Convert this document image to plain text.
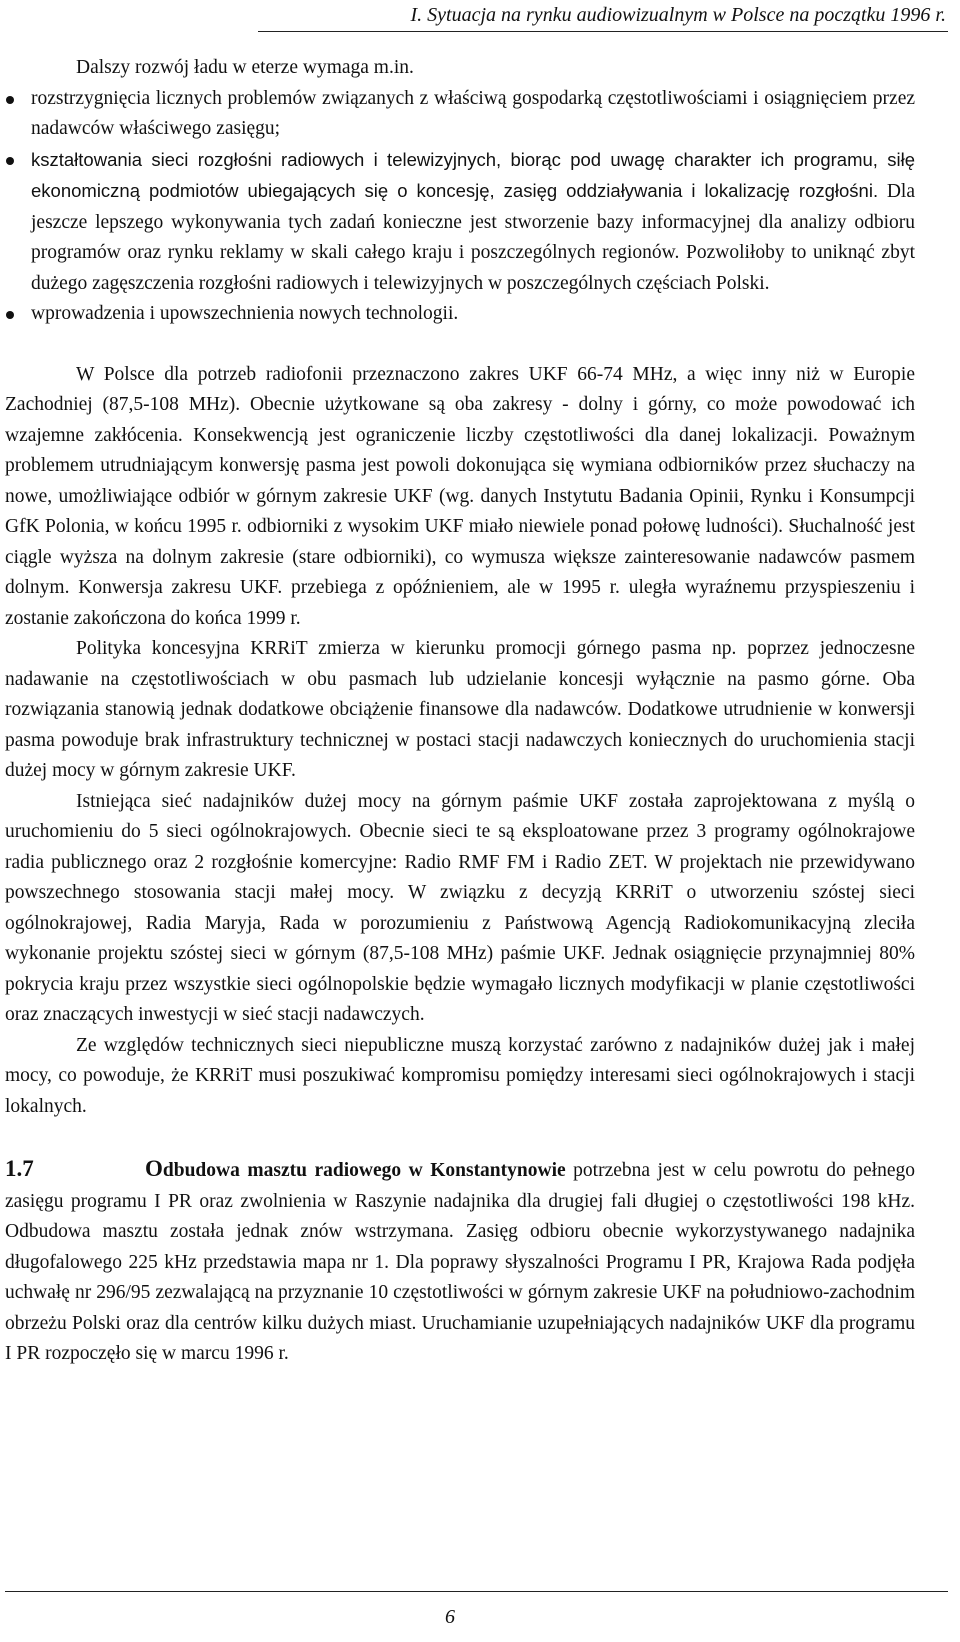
I. Sytuacja na rynku audiowizualnym w Polsce na początku 1996 r.

Dalszy rozwój ładu w eterze wymaga m.in.

rozstrzygnięcia licznych problemów związanych z właściwą gospodarką częstotliwościami i osiągnięciem przez nadawców właściwego zasięgu;
kształtowania sieci rozgłośni radiowych i telewizyjnych, biorąc pod uwagę charakter ich programu, siłę ekonomiczną podmiotów ubiegających się o koncesję, zasięg oddziaływania i lokalizację rozgłośni. Dla jeszcze lepszego wykonywania tych zadań konieczne jest stworzenie bazy informacyjnej dla analizy odbioru programów oraz rynku reklamy w skali całego kraju i poszczególnych regionów. Pozwoliłoby to uniknąć zbyt dużego zagęszczenia rozgłośni radiowych i telewizyjnych w poszczególnych częściach Polski.
wprowadzenia i upowszechnienia nowych technologii.

W Polsce dla potrzeb radiofonii przeznaczono zakres UKF 66-74 MHz, a więc inny niż w Europie Zachodniej (87,5-108 MHz). Obecnie użytkowane są oba zakresy - dolny i górny, co może powodować ich wzajemne zakłócenia. Konsekwencją jest ograniczenie liczby częstotliwości dla danej lokalizacji. Poważnym problemem utrudniającym konwersję pasma jest powoli dokonująca się wymiana odbiorników przez słuchaczy na nowe, umożliwiające odbiór w górnym zakresie UKF (wg. danych Instytutu Badania Opinii, Rynku i Konsumpcji GfK Polonia, w końcu 1995 r. odbiorniki z wysokim UKF miało niewiele ponad połowę ludności). Słuchalność jest ciągle wyższa na dolnym zakresie (stare odbiorniki), co wymusza większe zainteresowanie nadawców pasmem dolnym. Konwersja zakresu UKF. przebiega z opóźnieniem, ale w 1995 r. uległa wyraźnemu przyspieszeniu i zostanie zakończona do końca 1999 r.

Polityka koncesyjna KRRiT zmierza w kierunku promocji górnego pasma np. poprzez jednoczesne nadawanie na częstotliwościach w obu pasmach lub udzielanie koncesji wyłącznie na pasmo górne. Oba rozwiązania stanowią jednak dodatkowe obciążenie finansowe dla nadawców. Dodatkowe utrudnienie w konwersji pasma powoduje brak infrastruktury technicznej w postaci stacji nadawczych koniecznych do uruchomienia stacji dużej mocy w górnym zakresie UKF.

Istniejąca sieć nadajników dużej mocy na górnym paśmie UKF została zaprojektowana z myślą o uruchomieniu do 5 sieci ogólnokrajowych. Obecnie sieci te są eksploatowane przez 3 programy ogólnokrajowe radia publicznego oraz 2 rozgłośnie komercyjne: Radio RMF FM i Radio ZET. W projektach nie przewidywano powszechnego stosowania stacji małej mocy. W związku z decyzją KRRiT o utworzeniu szóstej sieci ogólnokrajowej, Radia Maryja, Rada w porozumieniu z Państwową Agencją Radiokomunikacyjną zleciła wykonanie projektu szóstej sieci w górnym (87,5-108 MHz) paśmie UKF. Jednak osiągnięcie przynajmniej 80% pokrycia kraju przez wszystkie sieci ogólnopolskie będzie wymagało licznych modyfikacji w planie częstotliwości oraz znaczących inwestycji w sieć stacji nadawczych.

Ze względów technicznych sieci niepubliczne muszą korzystać zarówno z nadajników dużej jak i małej mocy, co powoduje, że KRRiT musi poszukiwać kompromisu pomiędzy interesami sieci ogólnokrajowych i stacji lokalnych.

1.7	Odbudowa masztu radiowego w Konstantynowie potrzebna jest w celu powrotu do pełnego zasięgu programu I PR oraz zwolnienia w Raszynie nadajnika dla drugiej fali długiej o częstotliwości 198 kHz. Odbudowa masztu została jednak znów wstrzymana. Zasięg odbioru obecnie wykorzystywanego nadajnika długofalowego 225 kHz przedstawia mapa nr 1. Dla poprawy słyszalności Programu I PR, Krajowa Rada podjęła uchwałę nr 296/95 zezwalającą na przyznanie 10 częstotliwości w górnym zakresie UKF na południowo-zachodnim obrzeżu Polski oraz dla centrów kilku dużych miast. Uruchamianie uzupełniających nadajników UKF dla programu I PR rozpoczęło się w marcu 1996 r.

6
